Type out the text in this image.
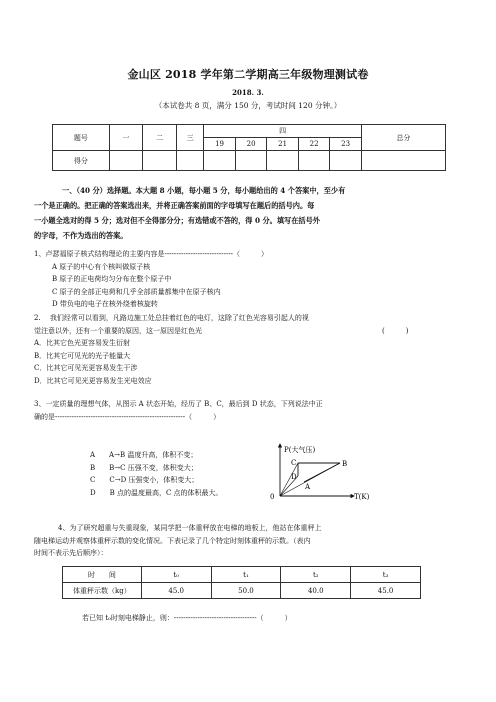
金山区 2018 学年第二学期高三年级物理测试卷
2018. 3.
（本试卷共 8 页，满分 150 分，考试时间 120 分钟。）
题号	一	二	三	四					总分
				19	20	21	22	23	
得分									
一、（40 分）选择题。本大题 8 小题，每小题 5 分，每小题给出的 4 个答案中，至少有
一个是正确的。把正确的答案选出来，并将正确答案前面的字母填写在题后的括号内。每
一小题全选对的得 5 分；选对但不全得部分分；有选错或不答的，得 0 分。填写在括号外
的字母，不作为选出的答案。
1、卢瑟福原子核式结构理论的主要内容是-----------------------------（　　　）
A 原子的中心有个核叫做原子核
B 原子的正电荷均匀分布在整个原子中
C 原子的全部正电荷和几乎全部质量都集中在原子核内
D 带负电的电子在核外绕着核旋转
2. 　我们经常可以看到，凡路边施工处总挂着红色的电灯，这除了红色光容易引起人的视
觉注意以外，还有一个重要的原因，这一原因是红色光	(　　　)
A．比其它色光更容易发生衍射
B．比其它可见光的光子能量大
C．比其它可见光更容易发生干涉
D．比其它可见光更容易发生光电效应
3、一定质量的理想气体，从图示 A 状态开始，经历了 B、C，最后到 D 状态，下列说法中正
确的是-------------------------------------------------------（　　　）
A　　A→B 温度升高，体积不变；
B　　B→C 压强不变，体积变大；
C　　C→D 压强变小，体积变大；
D　　B 点的温度最高，C 点的体积最大。
P(大气压)
T(K)
0
C	B
D
A
4、为了研究超重与失重现象，某同学把一体重秤放在电梯的地板上，他站在体重秤上
随电梯运动并观察体重秤示数的变化情况。下表记录了几个特定时刻体重秤的示数。（表内
时间不表示先后顺序）：
时　　间	t₀	t₁	t₂	t₃
体重秤示数（kg）	45.0	50.0	40.0	45.0
若已知 t₀时刻电梯静止，则：-----------------------------------（　　　）
